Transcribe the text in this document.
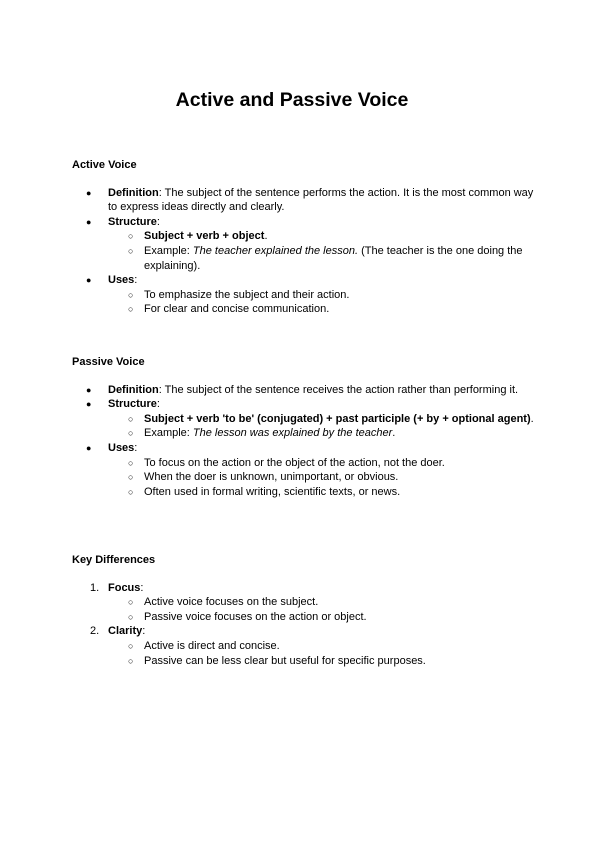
Active and Passive Voice
Active Voice
● Definition: The subject of the sentence performs the action. It is the most common way to express ideas directly and clearly.
● Structure:
○ Subject + verb + object.
○ Example: The teacher explained the lesson. (The teacher is the one doing the explaining).
● Uses:
○ To emphasize the subject and their action.
○ For clear and concise communication.
Passive Voice
● Definition: The subject of the sentence receives the action rather than performing it.
● Structure:
○ Subject + verb 'to be' (conjugated) + past participle (+ by + optional agent).
○ Example: The lesson was explained by the teacher.
● Uses:
○ To focus on the action or the object of the action, not the doer.
○ When the doer is unknown, unimportant, or obvious.
○ Often used in formal writing, scientific texts, or news.
Key Differences
1. Focus:
○ Active voice focuses on the subject.
○ Passive voice focuses on the action or object.
2. Clarity:
○ Active is direct and concise.
○ Passive can be less clear but useful for specific purposes.
